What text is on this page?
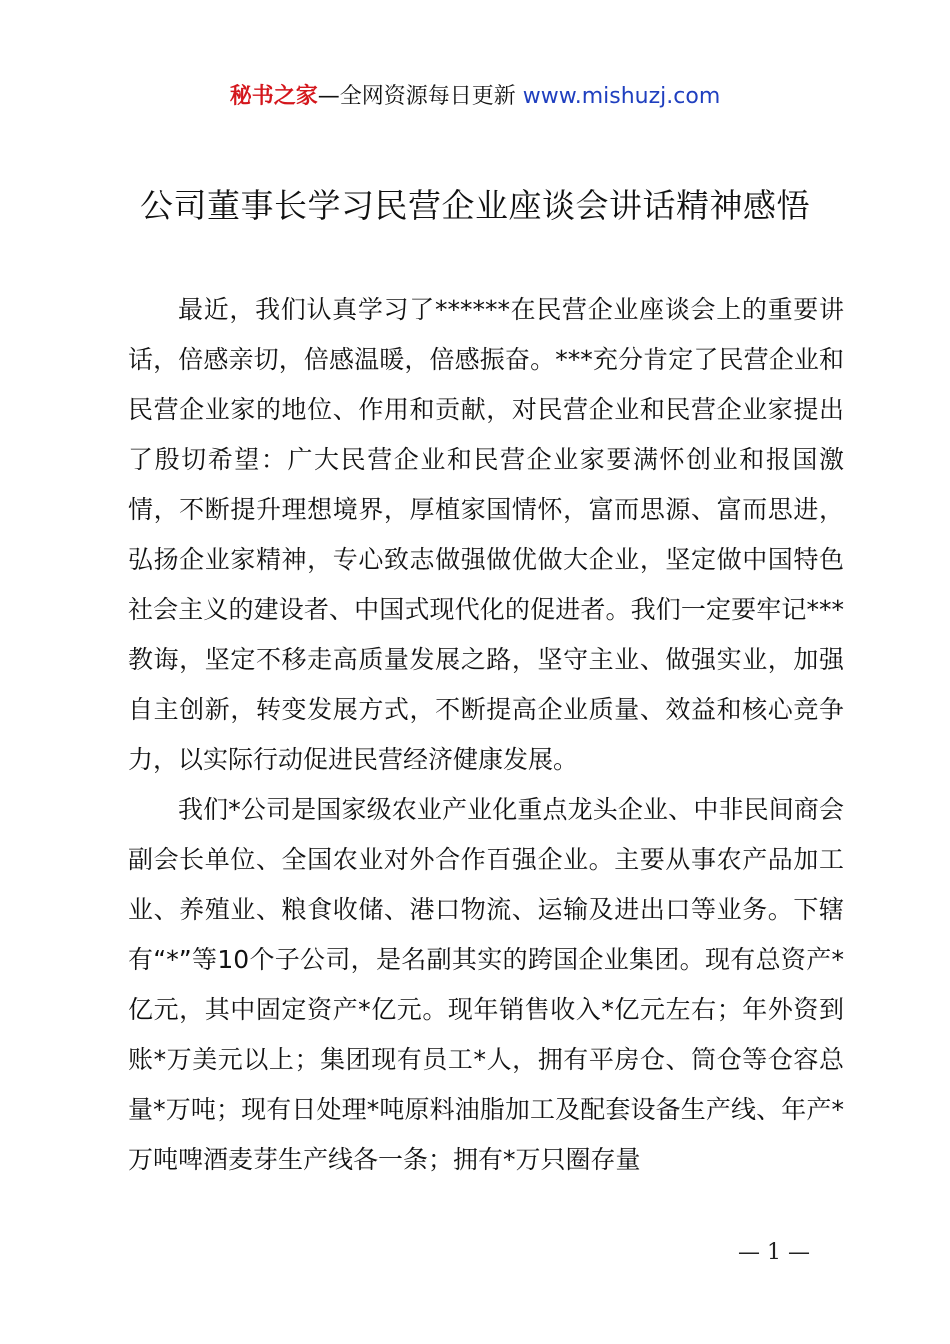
秘书之家—全网资源每日更新 www.mishuzj.com
公司董事长学习民营企业座谈会讲话精神感悟

最近，我们认真学习了******在民营企业座谈会上的重要讲话，倍感亲切，倍感温暖，倍感振奋。***充分肯定了民营企业和民营企业家的地位、作用和贡献，对民营企业和民营企业家提出了殷切希望：广大民营企业和民营企业家要满怀创业和报国激情，不断提升理想境界，厚植家国情怀，富而思源、富而思进，弘扬企业家精神，专心致志做强做优做大企业，坚定做中国特色社会主义的建设者、中国式现代化的促进者。我们一定要牢记***教诲，坚定不移走高质量发展之路，坚守主业、做强实业，加强自主创新，转变发展方式，不断提高企业质量、效益和核心竞争力，以实际行动促进民营经济健康发展。

我们*公司是国家级农业产业化重点龙头企业、中非民间商会副会长单位、全国农业对外合作百强企业。主要从事农产品加工业、养殖业、粮食收储、港口物流、运输及进出口等业务。下辖有“*”等10个子公司，是名副其实的跨国企业集团。现有总资产*亿元，其中固定资产*亿元。现年销售收入*亿元左右；年外资到账*万美元以上；集团现有员工*人，拥有平房仓、筒仓等仓容总量*万吨；现有日处理*吨原料油脂加工及配套设备生产线、年产*万吨啤酒麦芽生产线各一条；拥有*万只圈存量

— 1 —
